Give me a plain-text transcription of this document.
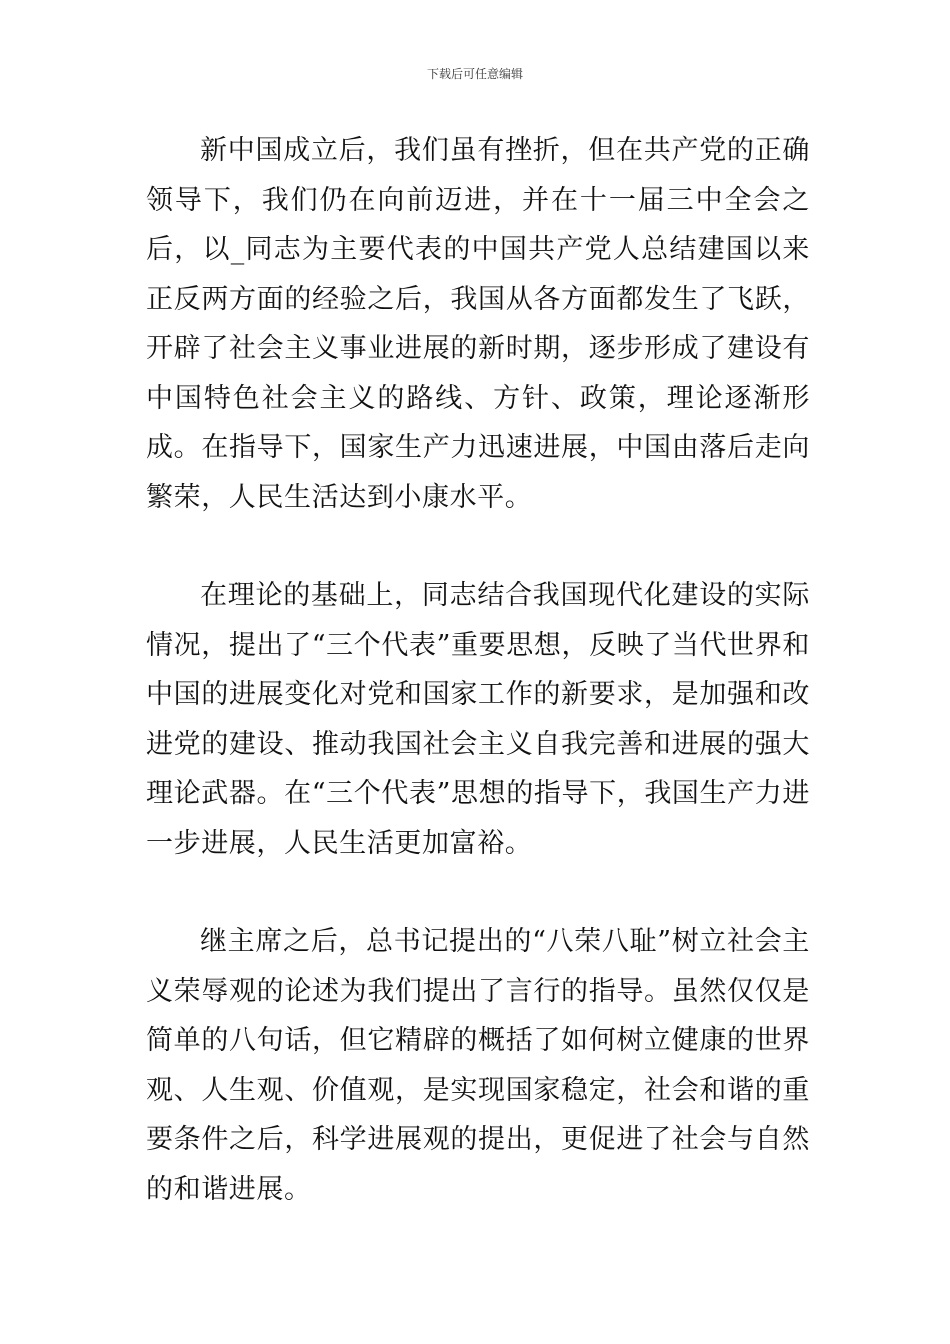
下载后可任意编辑

新中国成立后，我们虽有挫折，但在共产党的正确领导下，我们仍在向前迈进，并在十一届三中全会之后，以_同志为主要代表的中国共产党人总结建国以来正反两方面的经验之后，我国从各方面都发生了飞跃，开辟了社会主义事业进展的新时期，逐步形成了建设有中国特色社会主义的路线、方针、政策，理论逐渐形成。在指导下，国家生产力迅速进展，中国由落后走向繁荣，人民生活达到小康水平。

在理论的基础上，同志结合我国现代化建设的实际情况，提出了“三个代表”重要思想，反映了当代世界和中国的进展变化对党和国家工作的新要求，是加强和改进党的建设、推动我国社会主义自我完善和进展的强大理论武器。在“三个代表”思想的指导下，我国生产力进一步进展，人民生活更加富裕。

继主席之后，总书记提出的“八荣八耻”树立社会主义荣辱观的论述为我们提出了言行的指导。虽然仅仅是简单的八句话，但它精辟的概括了如何树立健康的世界观、人生观、价值观，是实现国家稳定，社会和谐的重要条件之后，科学进展观的提出，更促进了社会与自然的和谐进展。
